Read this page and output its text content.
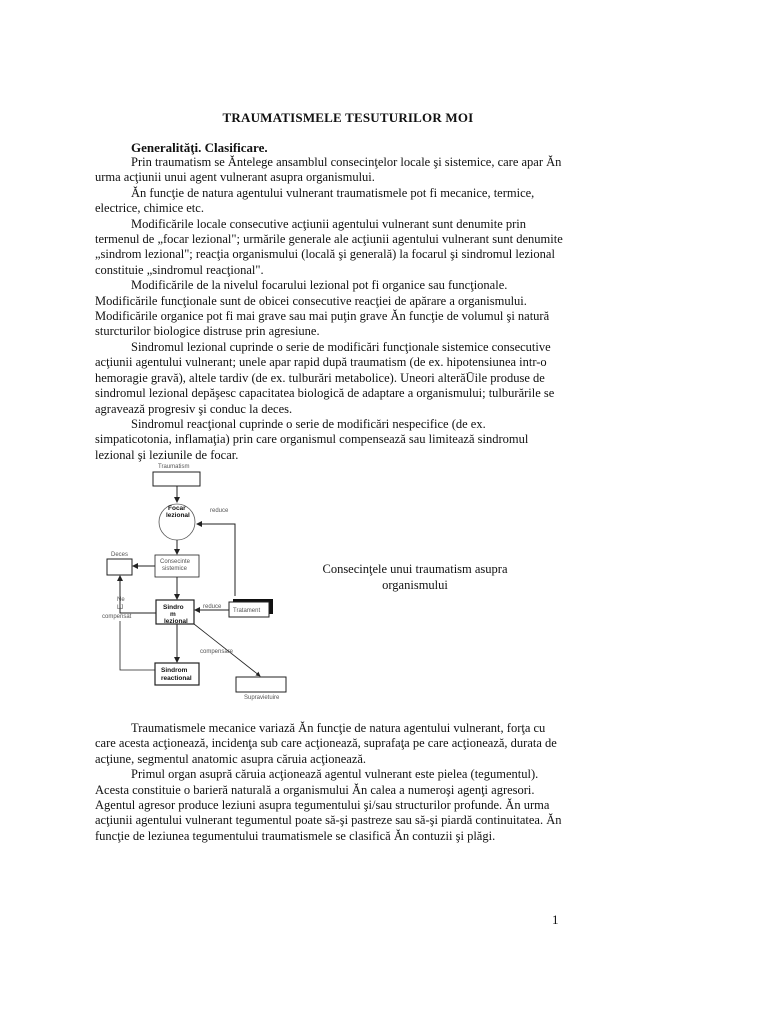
TRAUMATISMELE TESUTURILOR MOI
Generalităţi. Clasificare.

Prin traumatism se Ăntelege ansamblul consecinţelor locale şi sistemice, care apar Ăn urma acţiunii unui agent vulnerant asupra organismului.

Ăn funcţie de natura agentului vulnerant traumatismele pot fi mecanice, termice, electrice, chimice etc.

Modificările locale consecutive acţiunii agentului vulnerant sunt denumite prin termenul de „focar lezional"; urmările generale ale acţiunii agentului vulnerant sunt denumite „sindrom lezional"; reacţia organismului (locală şi generală) la focarul şi sindromul lezional constituie „sindromul reacţional".

Modificările de la nivelul focarului lezional pot fi organice sau funcţionale. Modificările funcţionale sunt de obicei consecutive reacţiei de apărare a organismului. Modificările organice pot fi mai grave sau mai puţin grave Ăn funcţie de volumul şi natură sturcturilor biologice distruse prin agresiune.

Sindromul lezional cuprinde o serie de modificări funcţionale sistemice consecutive acţiunii agentului vulnerant; unele apar rapid după traumatism (de ex. hipotensiunea intr-o hemoragie gravă), altele tardiv (de ex. tulburări metabolice). Uneori alterăŪile produse de sindromul lezional depăşesc capacitatea biologică de adaptare a organismului; tulburările se agravează progresiv şi conduc la deces.

Sindromul reacţional cuprinde o serie de modificări nespecifice (de ex. simpaticotonia, inflamaţia) prin care organismul compensează sau limitează sindromul lezional şi leziunile de focar.

Traumatism
Focar
lezional
reduce
Consecinte
sistemice
Deces
Sindro
m
lezional
Tratament
reduce
Ne
LJ
compensat
compensare
Sindrom
reactional
Supravietuire
Consecinţele unui traumatism asupra
organismului

Traumatismele mecanice variază Ăn funcţie de natura agentului vulnerant, forţa cu care acesta acţionează, incidenţa sub care acţionează, suprafaţa pe care acţionează, durata de acţiune, segmentul anatomic asupra căruia acţionează.

Primul organ asupră căruia acţionează agentul vulnerant este pielea (tegumentul).

Acesta constituie o barieră naturală a organismului Ăn calea a numeroşi agenţi agresori. Agentul agresor produce leziuni asupra tegumentului şi/sau structurilor profunde. Ăn urma acţiunii agentului vulnerant tegumentul poate să-şi pastreze sau să-şi piardă continuitatea. Ăn funcţie de leziunea tegumentului traumatismele se clasifică Ăn contuzii şi plăgi.

1
